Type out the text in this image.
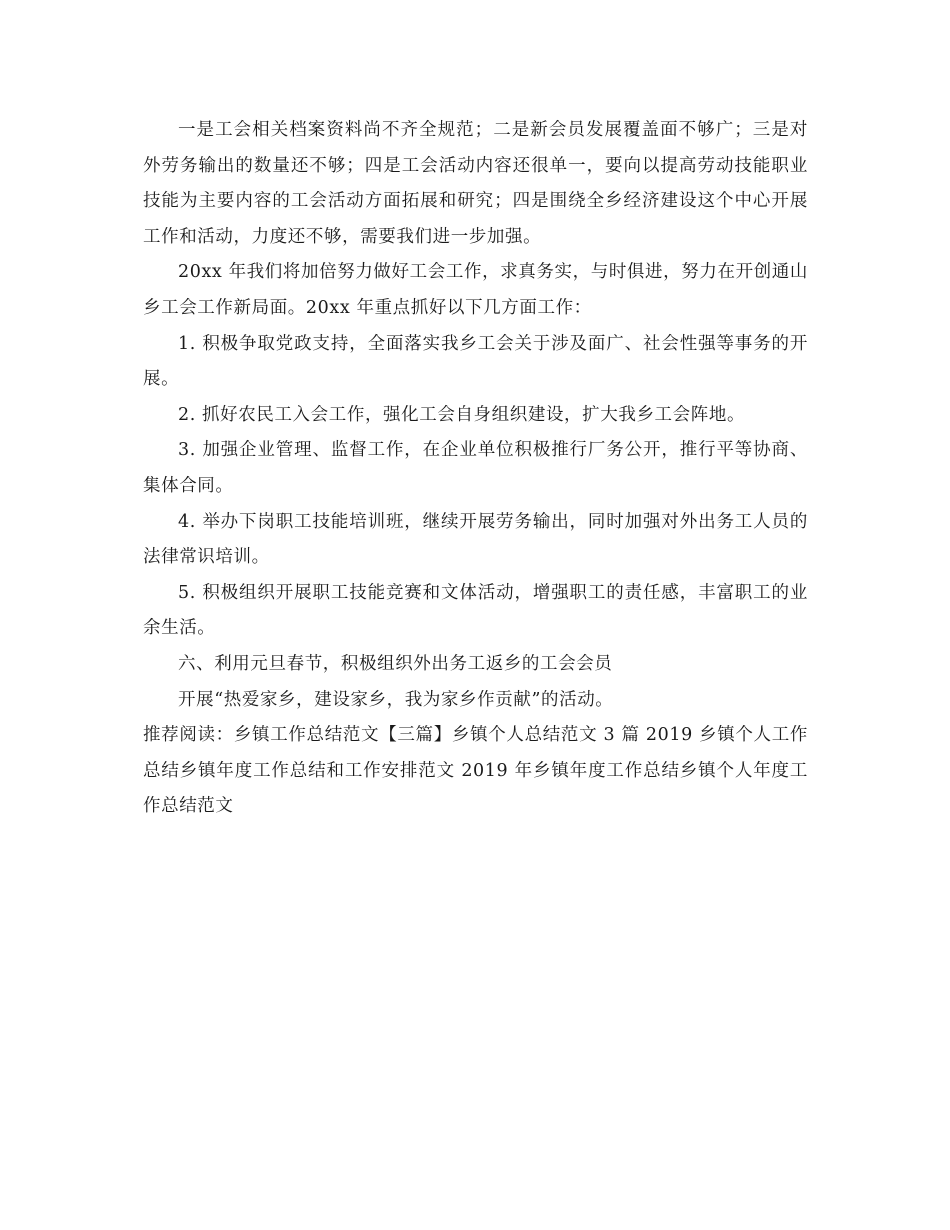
一是工会相关档案资料尚不齐全规范；二是新会员发展覆盖面不够广；三是对外劳务输出的数量还不够；四是工会活动内容还很单一，要向以提高劳动技能职业技能为主要内容的工会活动方面拓展和研究；四是围绕全乡经济建设这个中心开展工作和活动，力度还不够，需要我们进一步加强。

20xx 年我们将加倍努力做好工会工作，求真务实，与时俱进，努力在开创通山乡工会工作新局面。20xx 年重点抓好以下几方面工作：

1. 积极争取党政支持，全面落实我乡工会关于涉及面广、社会性强等事务的开展。

2. 抓好农民工入会工作，强化工会自身组织建设，扩大我乡工会阵地。

3. 加强企业管理、监督工作，在企业单位积极推行厂务公开，推行平等协商、集体合同。

4. 举办下岗职工技能培训班，继续开展劳务输出，同时加强对外出务工人员的法律常识培训。

5. 积极组织开展职工技能竞赛和文体活动，增强职工的责任感，丰富职工的业余生活。

六、利用元旦春节，积极组织外出务工返乡的工会会员

开展“热爱家乡，建设家乡，我为家乡作贡献”的活动。

推荐阅读：乡镇工作总结范文【三篇】乡镇个人总结范文 3 篇 2019 乡镇个人工作总结乡镇年度工作总结和工作安排范文 2019 年乡镇年度工作总结乡镇个人年度工作总结范文
